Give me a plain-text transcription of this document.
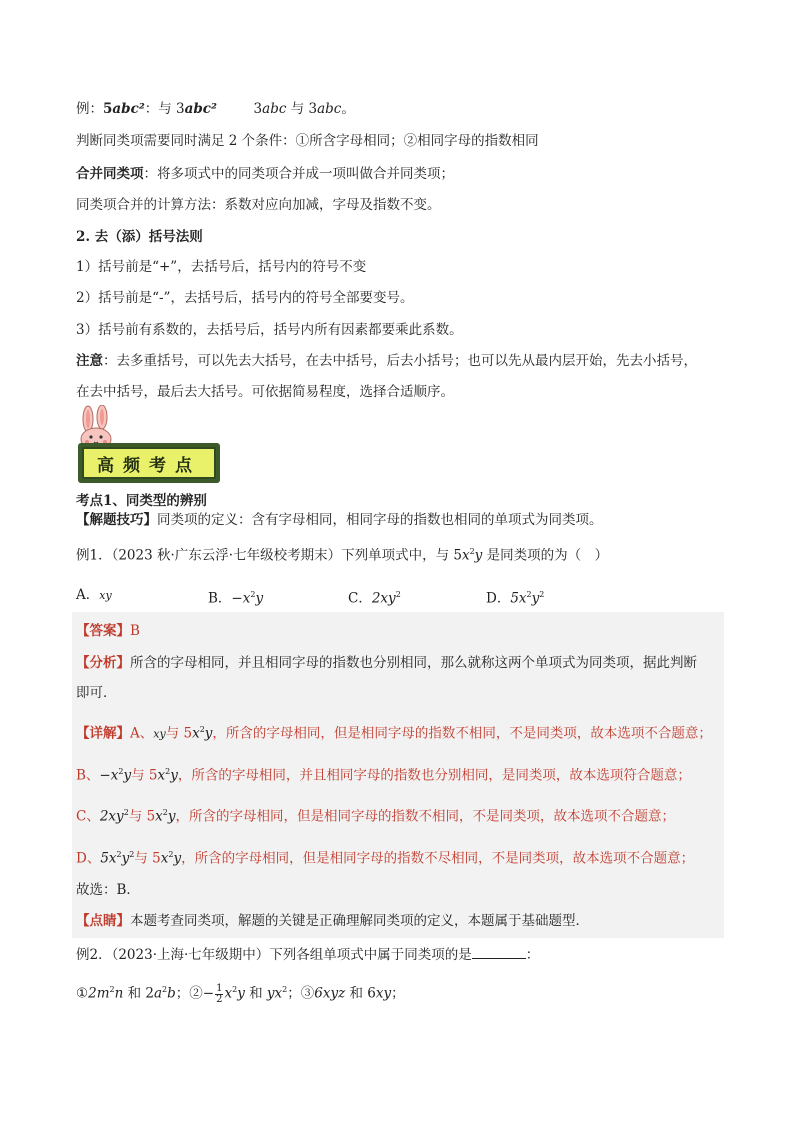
例：5abc²：与 3abc²	3abc 与 3abc。
判断同类项需要同时满足 2 个条件：①所含字母相同；②相同字母的指数相同
合并同类项：将多项式中的同类项合并成一项叫做合并同类项；
同类项合并的计算方法：系数对应向加减，字母及指数不变。
2. 去（添）括号法则
1）括号前是“+”，去括号后，括号内的符号不变
2）括号前是“-”，去括号后，括号内的符号全部要变号。
3）括号前有系数的，去括号后，括号内所有因素都要乘此系数。
注意：去多重括号，可以先去大括号，在去中括号，后去小括号；也可以先从最内层开始，先去小括号，
在去中括号，最后去大括号。可依据简易程度，选择合适顺序。
高频考点
考点1、同类型的辨别
【解题技巧】同类项的定义：含有字母相同，相同字母的指数也相同的单项式为同类项。
例1．（2023 秋·广东云浮·七年级校考期末）下列单项式中，与 $5x^2y$ 是同类项的为（　）
A．xy	B．$-x^2y$	C．$2xy^2$	D．$5x^2y^2$
【答案】B
【分析】所含的字母相同，并且相同字母的指数也分别相同，那么就称这两个单项式为同类项，据此判断
即可．
【详解】A、xy与 $5x^2y$，所含的字母相同，但是相同字母的指数不相同，不是同类项，故本选项不合题意；
B、$-x^2y$与 $5x^2y$，所含的字母相同，并且相同字母的指数也分别相同，是同类项，故本选项符合题意；
C、$2xy^2$与 $5x^2y$，所含的字母相同，但是相同字母的指数不相同，不是同类项，故本选项不合题意；
D、$5x^2y^2$与 $5x^2y$，所含的字母相同，但是相同字母的指数不尽相同，不是同类项，故本选项不合题意；
故选：B．
【点睛】本题考查同类项，解题的关键是正确理解同类项的定义，本题属于基础题型．
例2．（2023·上海·七年级期中）下列各组单项式中属于同类项的是	：
$①2m^2n$ 和 $2a^2b$；②− $\frac{1}{2} x^2y$ 和 $yx^2$；③6xyz 和 6xy；
